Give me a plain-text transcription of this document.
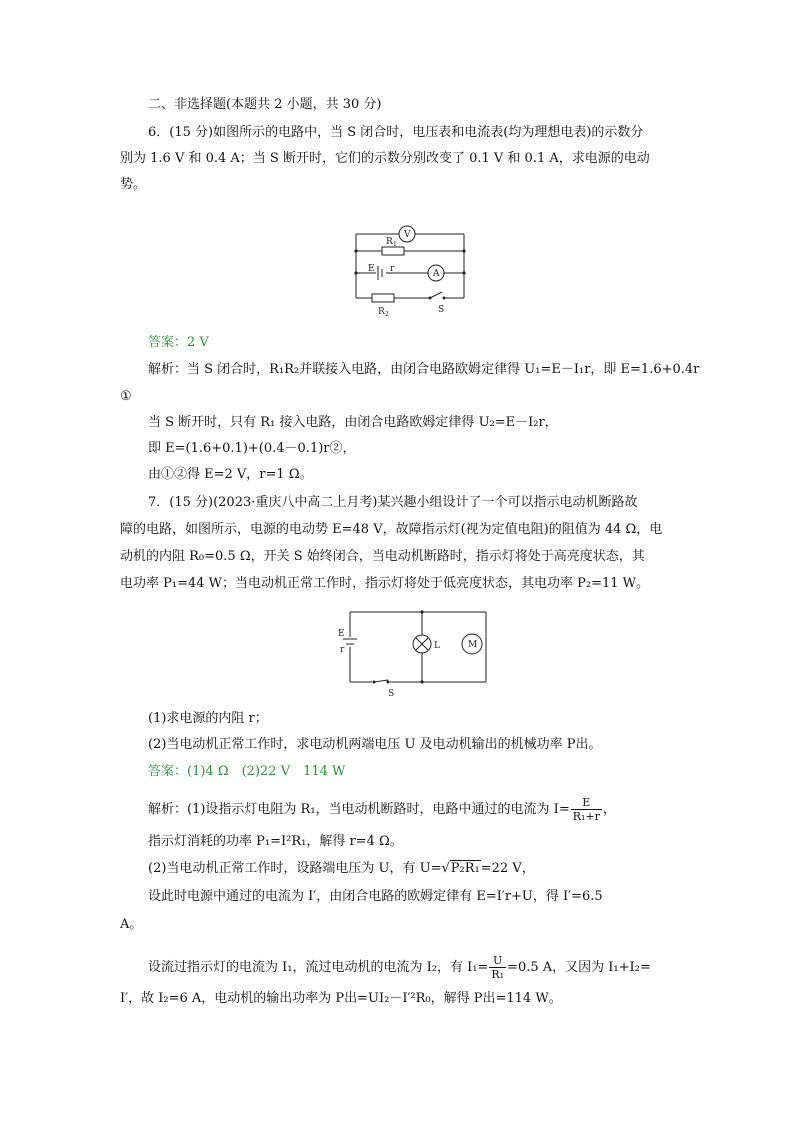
二、非选择题(本题共 2 小题，共 30 分)
6．(15 分)如图所示的电路中，当 S 闭合时，电压表和电流表(均为理想电表)的示数分
别为 1.6 V 和 0.4 A；当 S 断开时，它们的示数分别改变了 0.1 V 和 0.1 A，求电源的电动
势。
V
R 1
E r	A
R 2	S
答案：2 V
解析：当 S 闭合时，R₁R₂并联接入电路，由闭合电路欧姆定律得 U₁=E－I₁r，即 E=1.6+0.4r
①
当 S 断开时，只有 R₁ 接入电路，由闭合电路欧姆定律得 U₂=E－I₂r，
即 E=(1.6+0.1)+(0.4－0.1)r②，
由①②得 E=2 V，r=1 Ω。
7．(15 分)(2023·重庆八中高二上月考)某兴趣小组设计了一个可以指示电动机断路故
障的电路，如图所示，电源的电动势 E=48 V，故障指示灯(视为定值电阻)的阻值为 44 Ω，电
动机的内阻 R₀=0.5 Ω，开关 S 始终闭合，当电动机断路时，指示灯将处于高亮度状态，其
电功率 P₁=44 W；当电动机正常工作时，指示灯将处于低亮度状态，其电功率 P₂=11 W。
E
r	L	M
S
(1)求电源的内阻 r；
(2)当电动机正常工作时，求电动机两端电压 U 及电动机输出的机械功率 P出。
答案：(1)4 Ω　(2)22 V　114 W
解析：(1)设指示灯电阻为 R₁，当电动机断路时，电路中通过的电流为 $I= \frac{E}{\text{R₁+r}}$ ，
指示灯消耗的功率 P₁=I²R₁，解得 r=4 Ω。
(2)当电动机正常工作时，设路端电压为 U，有 U=√P₂R₁=22 V，
设此时电源中通过的电流为 I′，由闭合电路的欧姆定律有 E=I′r+U，得 I′=6.5
A。
设流过指示灯的电流为 I₁，流过电动机的电流为 I₂，有 $I_1= \frac{U}{\text{R₁}} =0.5$ A，又因为 I₁+I₂=
I′，故 I₂=6 A，电动机的输出功率为 P出=UI₂－I′²R₀，解得 P出=114 W。
